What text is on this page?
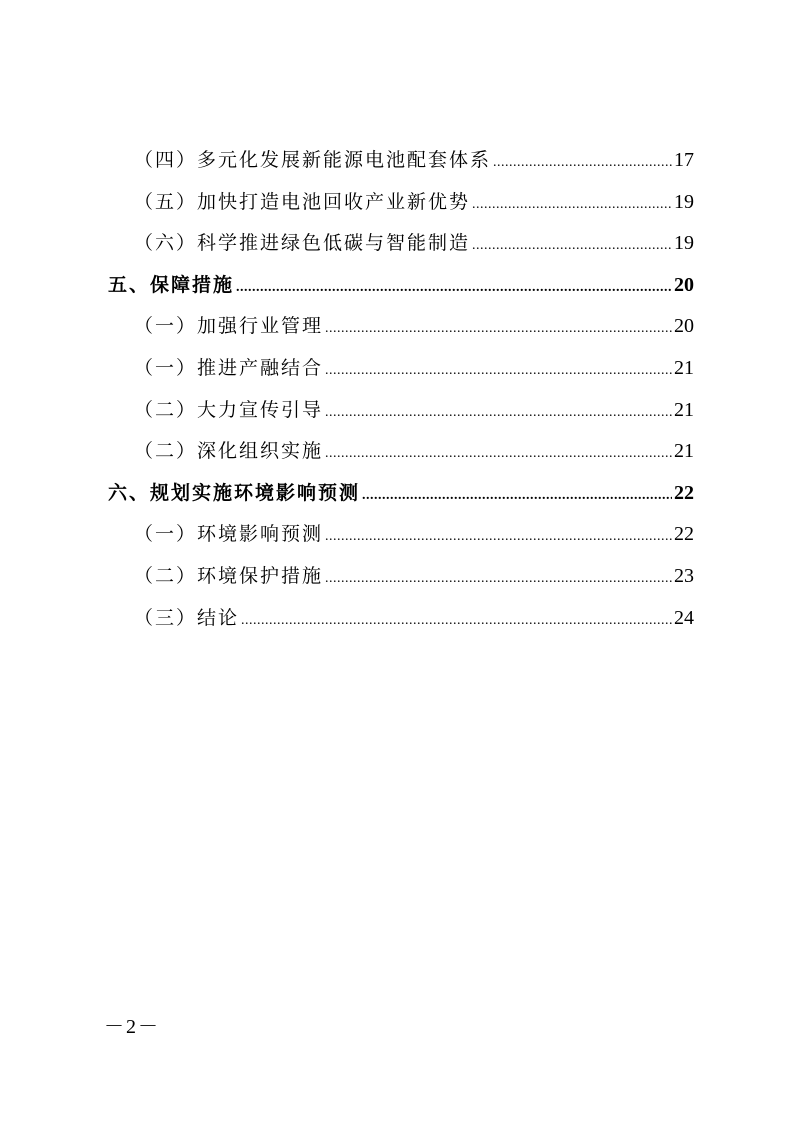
（四）多元化发展新能源电池配套体系 .....	17
（五）加快打造电池回收产业新优势 .....	19
（六）科学推进绿色低碳与智能制造 .....	19
五、保障措施 .....	20
（一）加强行业管理 .....	20
（一）推进产融结合 .....	21
（二）大力宣传引导 .....	21
（二）深化组织实施 .....	21
六、规划实施环境影响预测 .....	22
（一）环境影响预测 .....	22
（二）环境保护措施 .....	23
（三）结论 .....	24
－2－
